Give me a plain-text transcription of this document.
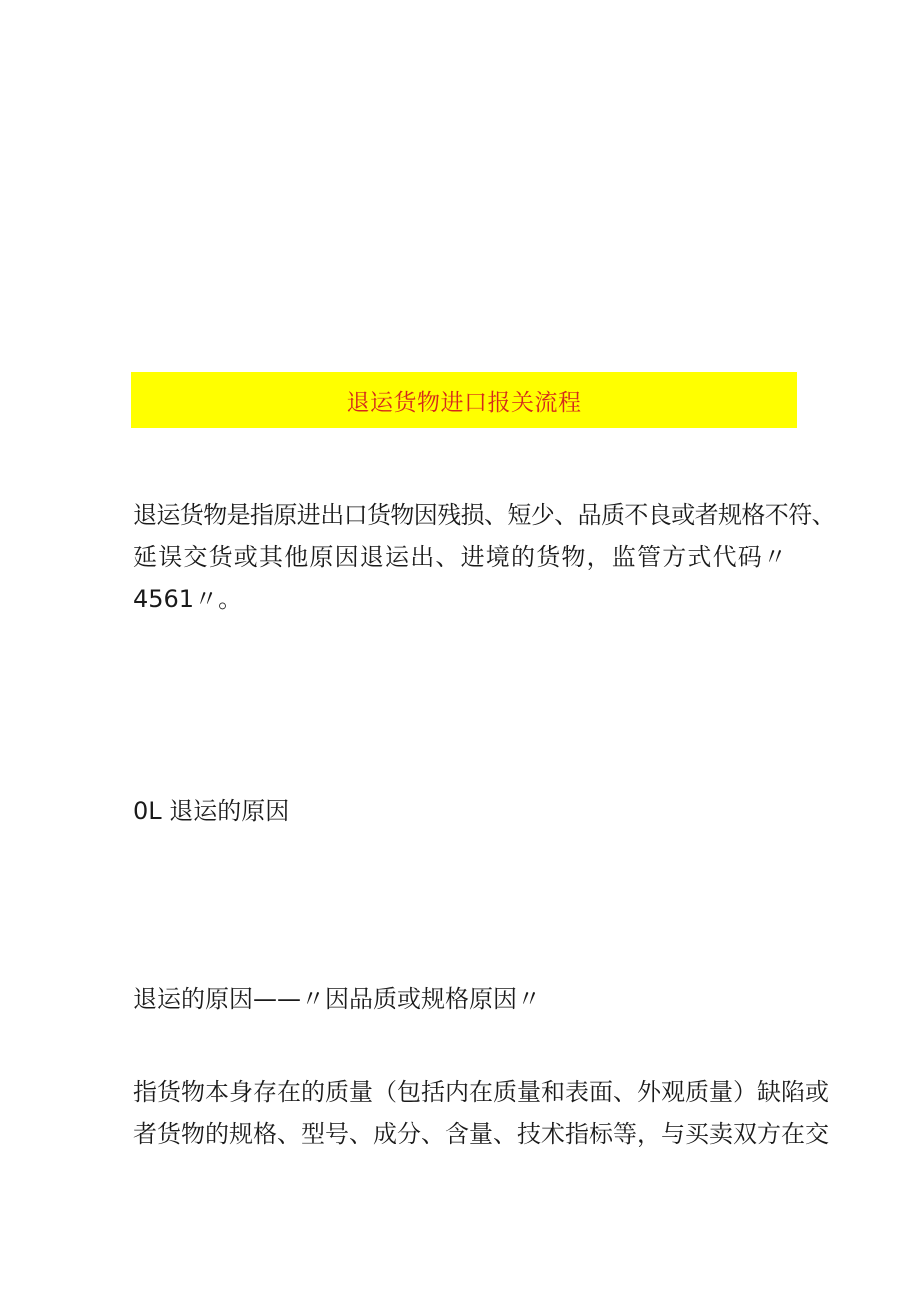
退运货物进口报关流程

退运货物是指原进出口货物因残损、短少、品质不良或者规格不符、
延误交货或其他原因退运出、进境的货物，监管方式代码〃
4561〃。

0L 退运的原因

退运的原因——〃因品质或规格原因〃

指货物本身存在的质量（包括内在质量和表面、外观质量）缺陷或
者货物的规格、型号、成分、含量、技术指标等，与买卖双方在交
